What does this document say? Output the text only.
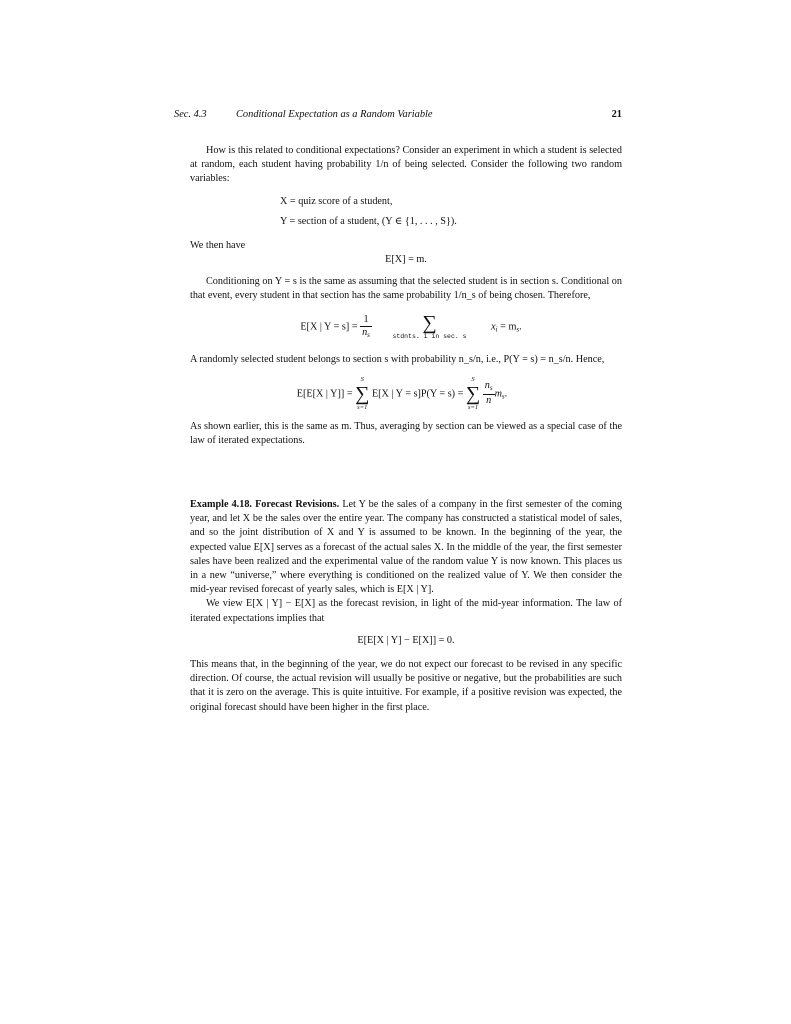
Sec. 4.3	Conditional Expectation as a Random Variable	21

How is this related to conditional expectations? Consider an experiment in which a student is selected at random, each student having probability 1/n of being selected. Consider the following two random variables:

X = quiz score of a student,
Y = section of a student, (Y ∈ {1, . . . , S}).

We then have

E[X] = m.

Conditioning on Y = s is the same as assuming that the selected student is in section s. Conditional on that event, every student in that section has the same probability 1/n_s of being chosen. Therefore,

E[X | $Y = s] = \frac{1}{ns}$
	∑
stdnts. i in sec. s
xi = ms.

A randomly selected student belongs to section s with probability n_s/n, i.e., P(Y = s) = n_s/n. Hence,

E[E[X | Y]] =
S
∑
s=1
E[X | Y = s]P(Y = s) =
S
∑
s=1
$\frac{ns}{n}$ ms.

As shown earlier, this is the same as m. Thus, averaging by section can be viewed as a special case of the law of iterated expectations.

Example 4.18. Forecast Revisions. Let Y be the sales of a company in the first semester of the coming year, and let X be the sales over the entire year. The company has constructed a statistical model of sales, and so the joint distribution of X and Y is assumed to be known. In the beginning of the year, the expected value E[X] serves as a forecast of the actual sales X. In the middle of the year, the first semester sales have been realized and the experimental value of the random value Y is now known. This places us in a new “universe,” where everything is conditioned on the realized value of Y. We then consider the mid-year revised forecast of yearly sales, which is E[X | Y].

We view E[X | Y] − E[X] as the forecast revision, in light of the mid-year information. The law of iterated expectations implies that

E[E[X | Y] − E[X]] = 0.

This means that, in the beginning of the year, we do not expect our forecast to be revised in any specific direction. Of course, the actual revision will usually be positive or negative, but the probabilities are such that it is zero on the average. This is quite intuitive. For example, if a positive revision was expected, the original forecast should have been higher in the first place.
